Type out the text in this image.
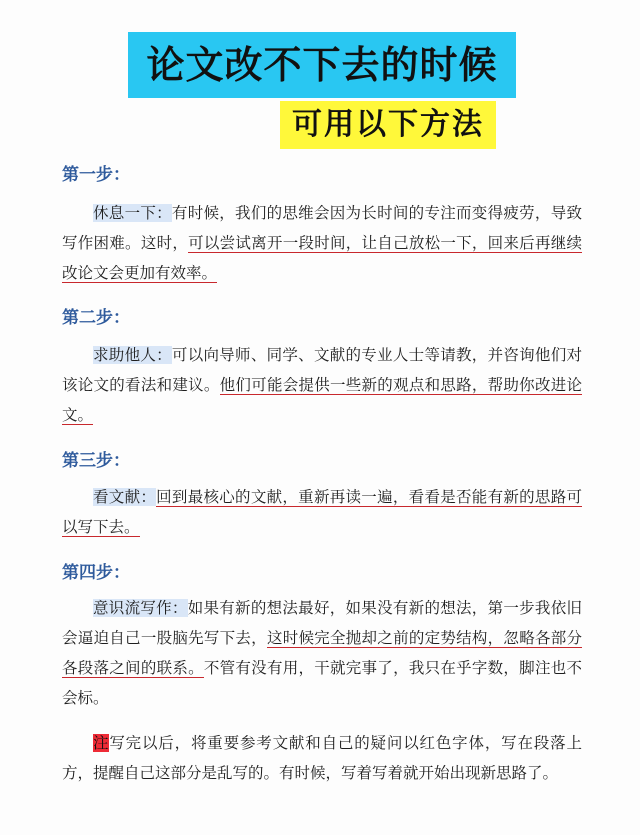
论文改不下去的时候
可用以下方法
第一步：

休息一下：有时候，我们的思维会因为长时间的专注而变得疲劳，导致写作困难。这时，可以尝试离开一段时间，让自己放松一下，回来后再继续改论文会更加有效率。

第二步：

求助他人：可以向导师、同学、文献的专业人士等请教，并咨询他们对该论文的看法和建议。他们可能会提供一些新的观点和思路，帮助你改进论文。

第三步：

看文献：回到最核心的文献，重新再读一遍，看看是否能有新的思路可以写下去。

第四步：

意识流写作：如果有新的想法最好，如果没有新的想法，第一步我依旧会逼迫自己一股脑先写下去，这时候完全抛却之前的定势结构，忽略各部分各段落之间的联系。不管有没有用，干就完事了，我只在乎字数，脚注也不会标。

注写完以后，将重要参考文献和自己的疑问以红色字体，写在段落上方，提醒自己这部分是乱写的。有时候，写着写着就开始出现新思路了。
